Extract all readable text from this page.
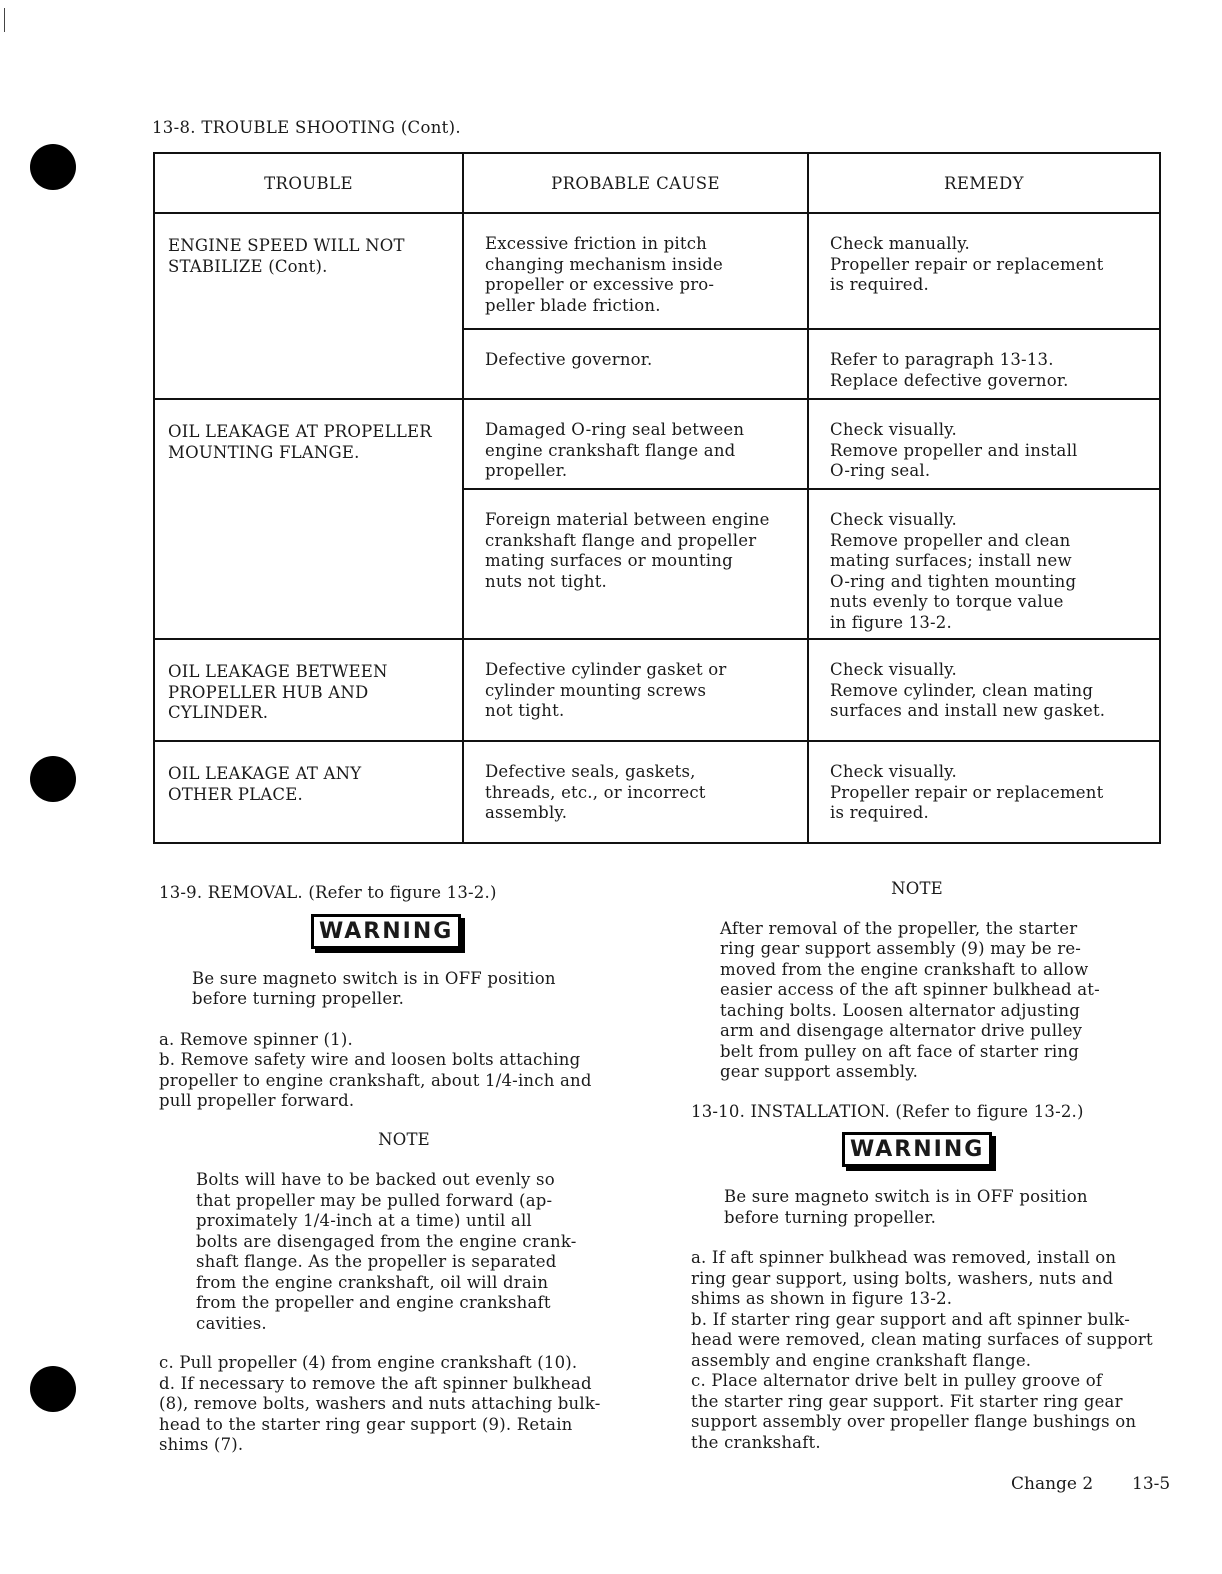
13-8. TROUBLE SHOOTING (Cont).
TROUBLE	PROBABLE CAUSE	REMEDY
ENGINE SPEED WILL NOT
STABILIZE (Cont).
Excessive friction in pitch
changing mechanism inside
propeller or excessive pro-
peller blade friction.
Defective governor.
Check manually.
Propeller repair or replacement
is required.
Refer to paragraph 13-13.
Replace defective governor.
OIL LEAKAGE AT PROPELLER
MOUNTING FLANGE.
Damaged O-ring seal between
engine crankshaft flange and
propeller.
Foreign material between engine
crankshaft flange and propeller
mating surfaces or mounting
nuts not tight.
Check visually.
Remove propeller and install
O-ring seal.
Check visually.
Remove propeller and clean
mating surfaces; install new
O-ring and tighten mounting
nuts evenly to torque value
in figure 13-2.
OIL LEAKAGE BETWEEN
PROPELLER HUB AND
CYLINDER.
Defective cylinder gasket or
cylinder mounting screws
not tight.
Check visually.
Remove cylinder, clean mating
surfaces and install new gasket.
OIL LEAKAGE AT ANY
OTHER PLACE.
Defective seals, gaskets,
threads, etc., or incorrect
assembly.
Check visually.
Propeller repair or replacement
is required.

13-9. REMOVAL. (Refer to figure 13-2.)

WARNING

Be sure magneto switch is in OFF position
before turning propeller.

a. Remove spinner (1).

b. Remove safety wire and loosen bolts attaching
propeller to engine crankshaft, about 1/4-inch and
pull propeller forward.

NOTE

Bolts will have to be backed out evenly so
that propeller may be pulled forward (ap-
proximately 1/4-inch at a time) until all
bolts are disengaged from the engine crank-
shaft flange. As the propeller is separated
from the engine crankshaft, oil will drain
from the propeller and engine crankshaft
cavities.

c. Pull propeller (4) from engine crankshaft (10).

d. If necessary to remove the aft spinner bulkhead
(8), remove bolts, washers and nuts attaching bulk-
head to the starter ring gear support (9). Retain
shims (7).

NOTE

After removal of the propeller, the starter
ring gear support assembly (9) may be re-
moved from the engine crankshaft to allow
easier access of the aft spinner bulkhead at-
taching bolts. Loosen alternator adjusting
arm and disengage alternator drive pulley
belt from pulley on aft face of starter ring
gear support assembly.

13-10. INSTALLATION. (Refer to figure 13-2.)

WARNING

Be sure magneto switch is in OFF position
before turning propeller.

a. If aft spinner bulkhead was removed, install on
ring gear support, using bolts, washers, nuts and
shims as shown in figure 13-2.

b. If starter ring gear support and aft spinner bulk-
head were removed, clean mating surfaces of support
assembly and engine crankshaft flange.

c. Place alternator drive belt in pulley groove of
the starter ring gear support. Fit starter ring gear
support assembly over propeller flange bushings on
the crankshaft.

Change 2 13-5
